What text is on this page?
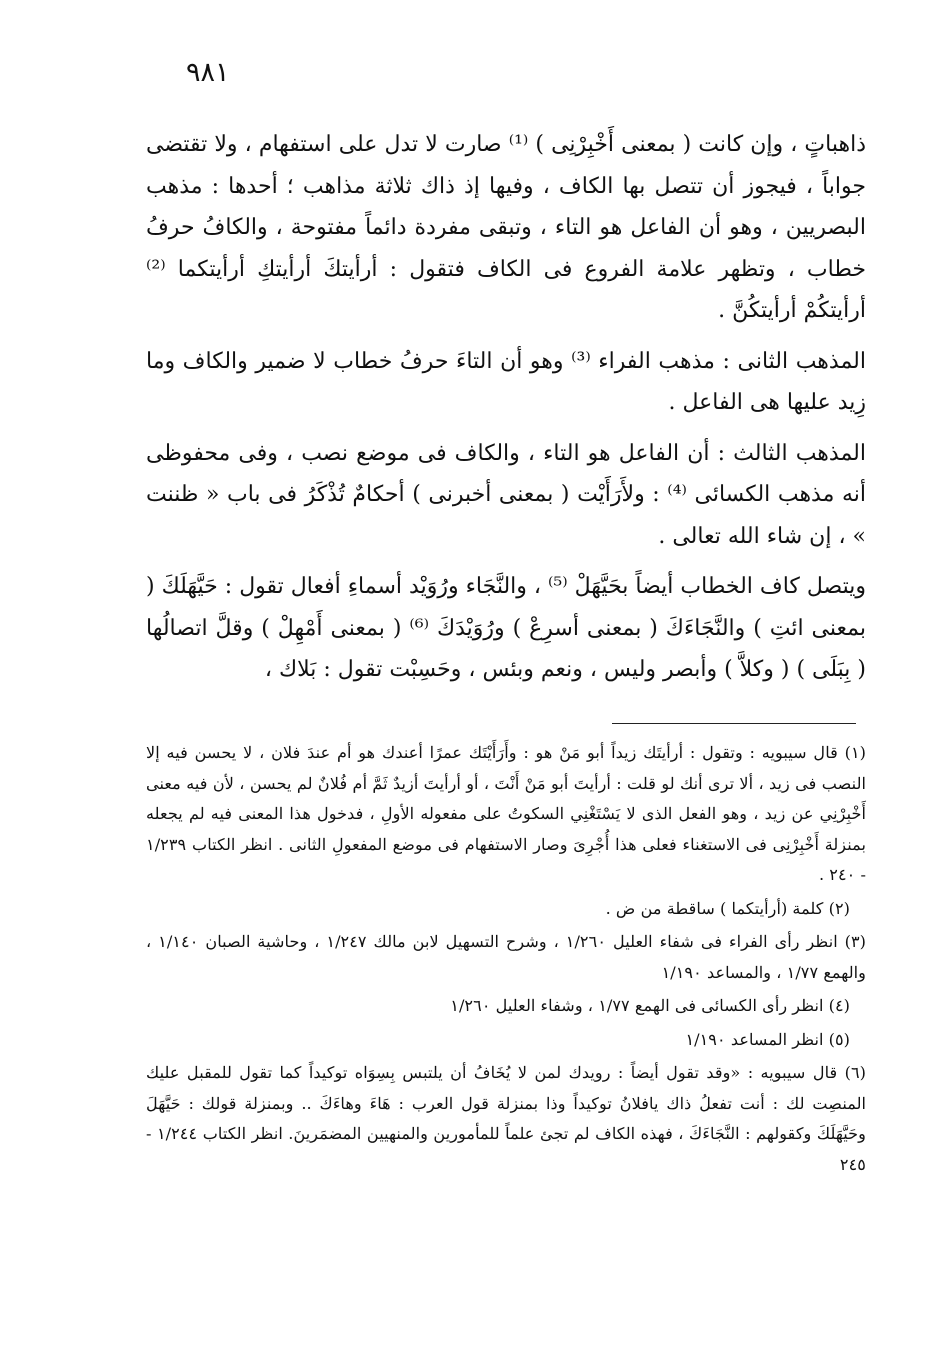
٩٨١

ذاهباتٍ ، وإن كانت ( بمعنى أَخْبِرْنِى ) ⁽¹⁾ صارت لا تدل على استفهام ، ولا تقتضى جواباً ، فيجوز أن تتصل بها الكاف ، وفيها إذ ذاك ثلاثة مذاهب ؛ أحدها : مذهب البصريين ، وهو أن الفاعل هو التاء ، وتبقى مفردة دائماً مفتوحة ، والكافُ حرفُ خطاب ، وتظهر علامة الفروع فى الكاف فتقول : أرأيتكَ أرأيتكِ أرأيتكما ⁽²⁾ أرأيتكُمْ أرأيتكُنَّ .

المذهب الثانى : مذهب الفراء ⁽³⁾ وهو أن التاءَ حرفُ خطاب لا ضمير والكاف وما زِيد عليها هى الفاعل .

المذهب الثالث : أن الفاعل هو التاء ، والكاف فى موضع نصب ، وفى محفوظى أنه مذهب الكسائى ⁽⁴⁾ : ولأَرَأَيْت ( بمعنى أخبرنى ) أحكامٌ تُذْكَرُ فى باب « ظننت » ، إن شاء الله تعالى .

ويتصل كاف الخطاب أيضاً بحَيَّهَلْ ⁽⁵⁾ ، والنَّجَاء ورُوَيْد أسماءِ أفعال تقول : حَيَّهَلَكَ ( بمعنى ائتِ ) والنَّجَاءَكَ ( بمعنى أسرِعْ ) ورُوَيْدَكَ ⁽⁶⁾ ( بمعنى أَمْهِلْ ) وقلَّ اتصالُها ( بِبَلَى ) ( وكلاَّ ) وأبصر وليس ، ونعم وبئس ، وحَسِبْت تقول : بَلاك ،

(١) قال سيبويه : وتقول : أرأيتَك زيداً أبو مَنْ هو : وأَرَأَيْتَك عمرًا أعندك هو أم عندَ فلان ، لا يحسن فيه إلا النصب فى زيد ، ألا ترى أنك لو قلت : أرأيتَ أبو مَنْ أَنْتَ ، أو أرأيتَ أزيدٌ ثَمَّ أم فُلانٌ لم يحسن ، لأن فيه معنى أَخْبِرْنِي عن زيد ، وهو الفعل الذى لا يَسْتَغْنِي السكوتُ على مفعوله الأولِ ، فدخول هذا المعنى فيه لم يجعله بمنزلة أَخْبِرْنِى فى الاستغناء فعلى هذا أُجْرِىَ وصار الاستفهام فى موضع المفعولِ الثانى . انظر الكتاب ١/٢٣٩ - ٢٤٠ .

(٢) كلمة (أرأيتكما ) ساقطة من ض .

(٣) انظر رأى الفراء فى شفاء العليل ١/٢٦٠ ، وشرح التسهيل لابن مالك ١/٢٤٧ ، وحاشية الصبان ١/١٤٠ ، والهمع ١/٧٧ ، والمساعد ١/١٩٠

(٤) انظر رأى الكسائى فى الهمع ١/٧٧ ، وشفاء العليل ١/٢٦٠

(٥) انظر المساعد ١/١٩٠

(٦) قال سيبويه : «وقد تقول أيضاً : رويدك لمن لا يُخَافُ أن يلتبس بِسِوَاه توكيداً كما تقول للمقبل عليك المنصِت لك : أنت تفعلُ ذاك يافلانُ توكيداً وذا بمنزلة قول العرب : هَاءَ وهاءَكَ .. وبمنزلة قولك : حَيَّهَلَ وحَيَّهَلَكَ وكقولهم : النَّجَاءَكَ ، فهذه الكاف لم تجئ علماً للمأمورين والمنهيين المضمَرينَ. انظر الكتاب ١/٢٤٤ - ٢٤٥
